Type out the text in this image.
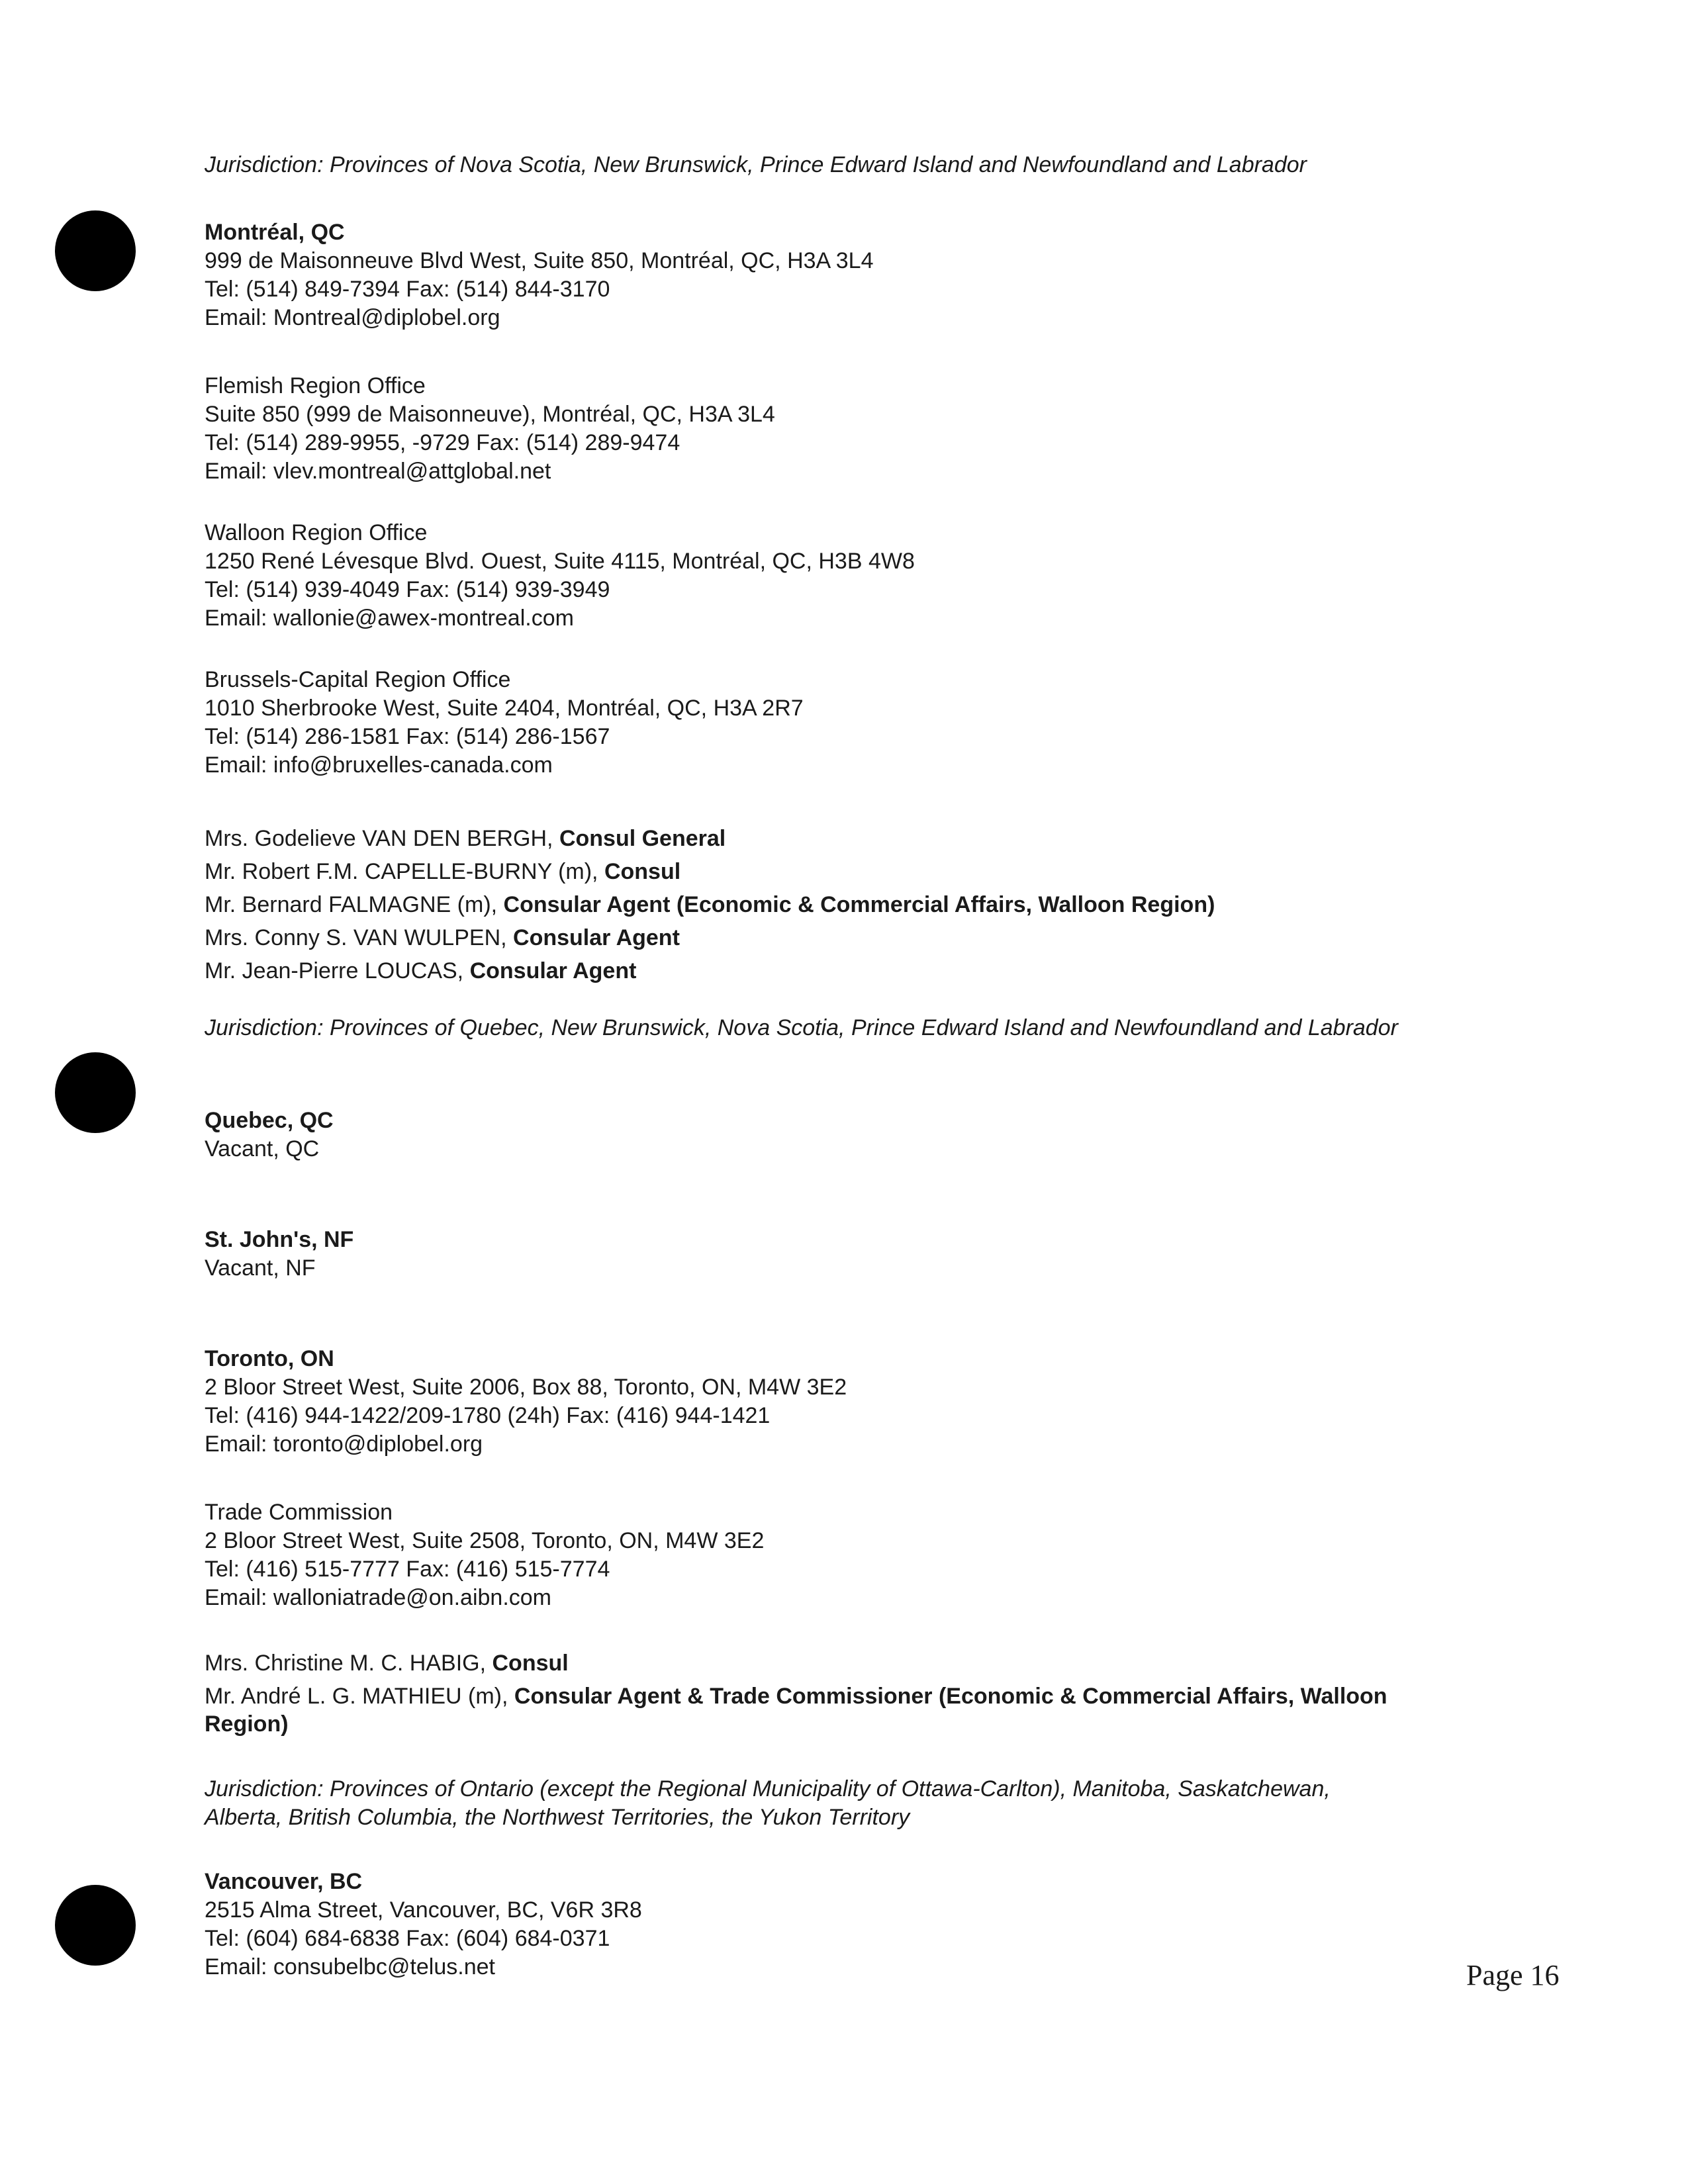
Jurisdiction: Provinces of Nova Scotia, New Brunswick, Prince Edward Island and Newfoundland and Labrador
Montréal, QC
999 de Maisonneuve Blvd West, Suite 850, Montréal, QC, H3A 3L4
Tel: (514) 849-7394 Fax: (514) 844-3170
Email: Montreal@diplobel.org
Flemish Region Office
Suite 850 (999 de Maisonneuve), Montréal, QC, H3A 3L4
Tel: (514) 289-9955, -9729 Fax: (514) 289-9474
Email: vlev.montreal@attglobal.net
Walloon Region Office
1250 René Lévesque Blvd. Ouest, Suite 4115, Montréal, QC, H3B 4W8
Tel: (514) 939-4049 Fax: (514) 939-3949
Email: wallonie@awex-montreal.com
Brussels-Capital Region Office
1010 Sherbrooke West, Suite 2404, Montréal, QC, H3A 2R7
Tel: (514) 286-1581 Fax: (514) 286-1567
Email: info@bruxelles-canada.com
Mrs. Godelieve VAN DEN BERGH, Consul General
Mr. Robert F.M. CAPELLE-BURNY (m), Consul
Mr. Bernard FALMAGNE (m), Consular Agent (Economic & Commercial Affairs, Walloon Region)
Mrs. Conny S. VAN WULPEN, Consular Agent
Mr. Jean-Pierre LOUCAS, Consular Agent
Jurisdiction: Provinces of Quebec, New Brunswick, Nova Scotia, Prince Edward Island and Newfoundland and Labrador
Quebec, QC
Vacant, QC
St. John's, NF
Vacant, NF
Toronto, ON
2 Bloor Street West, Suite 2006, Box 88, Toronto, ON, M4W 3E2
Tel: (416) 944-1422/209-1780 (24h) Fax: (416) 944-1421
Email: toronto@diplobel.org
Trade Commission
2 Bloor Street West, Suite 2508, Toronto, ON, M4W 3E2
Tel: (416) 515-7777 Fax: (416) 515-7774
Email: walloniatrade@on.aibn.com
Mrs. Christine M. C. HABIG, Consul
Mr. André L. G. MATHIEU (m), Consular Agent & Trade Commissioner (Economic & Commercial Affairs, Walloon
Region)
Jurisdiction: Provinces of Ontario (except the Regional Municipality of Ottawa-Carlton), Manitoba, Saskatchewan,
Alberta, British Columbia, the Northwest Territories, the Yukon Territory
Vancouver, BC
2515 Alma Street, Vancouver, BC, V6R 3R8
Tel: (604) 684-6838 Fax: (604) 684-0371
Email: consubelbc@telus.net	Page 16
